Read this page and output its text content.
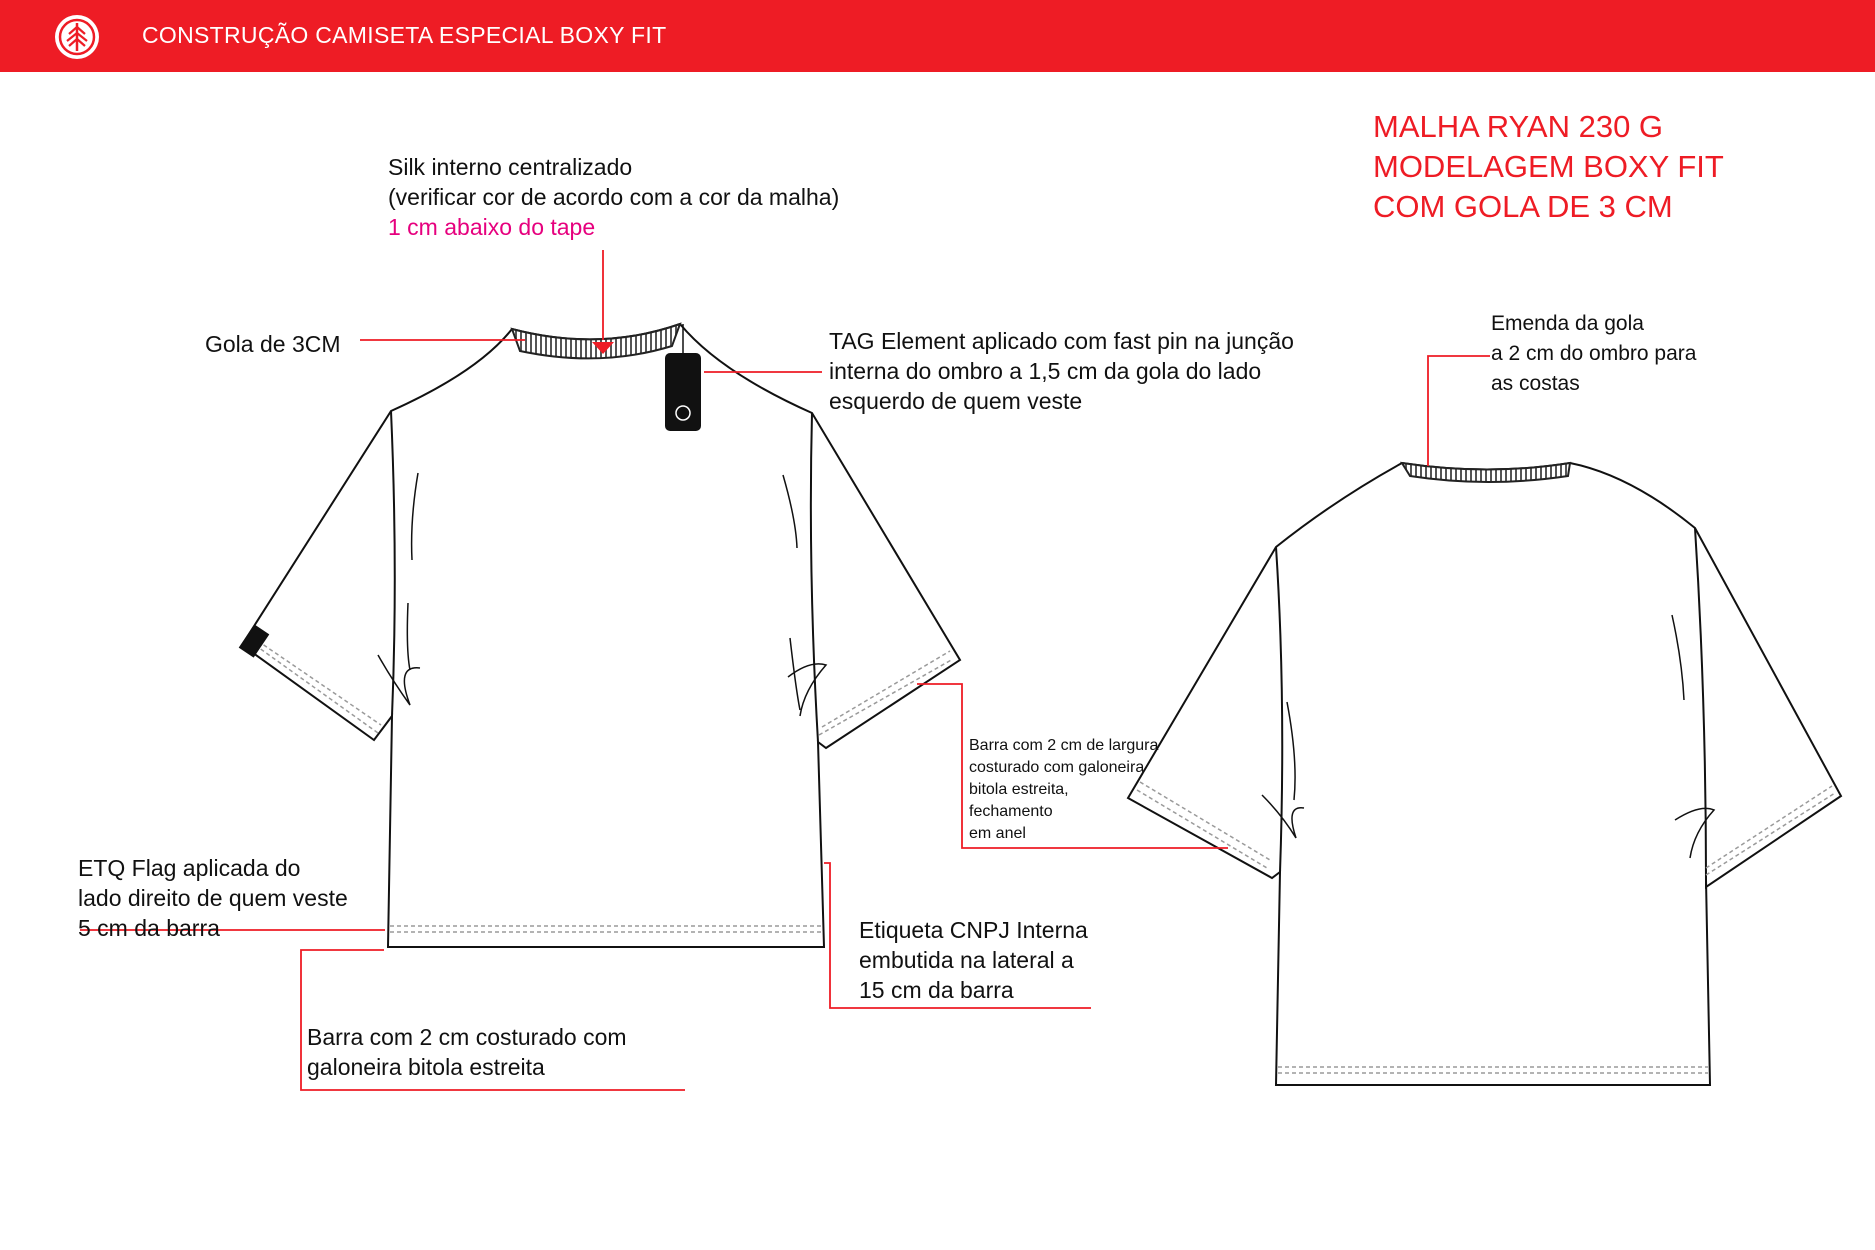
CONSTRUÇÃO CAMISETA ESPECIAL BOXY FIT
MALHA RYAN 230 G
MODELAGEM BOXY FIT
COM GOLA DE 3 CM
Silk interno centralizado
(verificar cor de acordo com a cor da malha)
1 cm abaixo do tape
Gola de 3CM	TAG Element aplicado com fast pin na junção
interna do ombro a 1,5 cm da gola do lado
esquerdo de quem veste
Emenda da gola
a 2 cm do ombro para
as costas
Barra com 2 cm de largura
costurado com galoneira
bitola estreita,
fechamento
em anel
ETQ Flag aplicada do
lado direito de quem veste
5 cm da barra	Etiqueta CNPJ Interna
embutida na lateral a
15 cm da barra
Barra com 2 cm costurado com
galoneira bitola estreita
